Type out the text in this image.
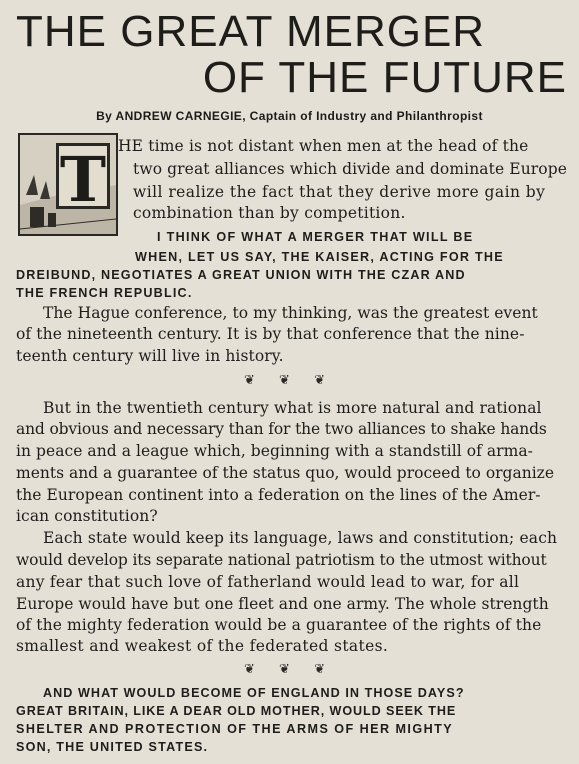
THE GREAT MERGER
OF THE FUTURE
By ANDREW CARNEGIE, Captain of Industry and Philanthropist
T HE time is not distant when men at the head of the
two great alliances which divide and dominate Europe
will realize the fact that they derive more gain by
combination than by competition.
I THINK OF WHAT A MERGER THAT WILL BE
WHEN, LET US SAY, THE KAISER, ACTING FOR THE
DREIBUND, NEGOTIATES A GREAT UNION WITH THE CZAR AND
THE FRENCH REPUBLIC.
The Hague conference, to my thinking, was the greatest event
of the nineteenth century. It is by that conference that the nine-
teenth century will live in history.
❦ ❦ ❦
But in the twentieth century what is more natural and rational
and obvious and necessary than for the two alliances to shake hands
in peace and a league which, beginning with a standstill of arma-
ments and a guarantee of the status quo, would proceed to organize
the European continent into a federation on the lines of the Amer-
ican constitution?
Each state would keep its language, laws and constitution; each
would develop its separate national patriotism to the utmost without
any fear that such love of fatherland would lead to war, for all
Europe would have but one fleet and one army. The whole strength
of the mighty federation would be a guarantee of the rights of the
smallest and weakest of the federated states.
❦ ❦ ❦
AND WHAT WOULD BECOME OF ENGLAND IN THOSE DAYS?
GREAT BRITAIN, LIKE A DEAR OLD MOTHER, WOULD SEEK THE
SHELTER AND PROTECTION OF THE ARMS OF HER MIGHTY
SON, THE UNITED STATES.
